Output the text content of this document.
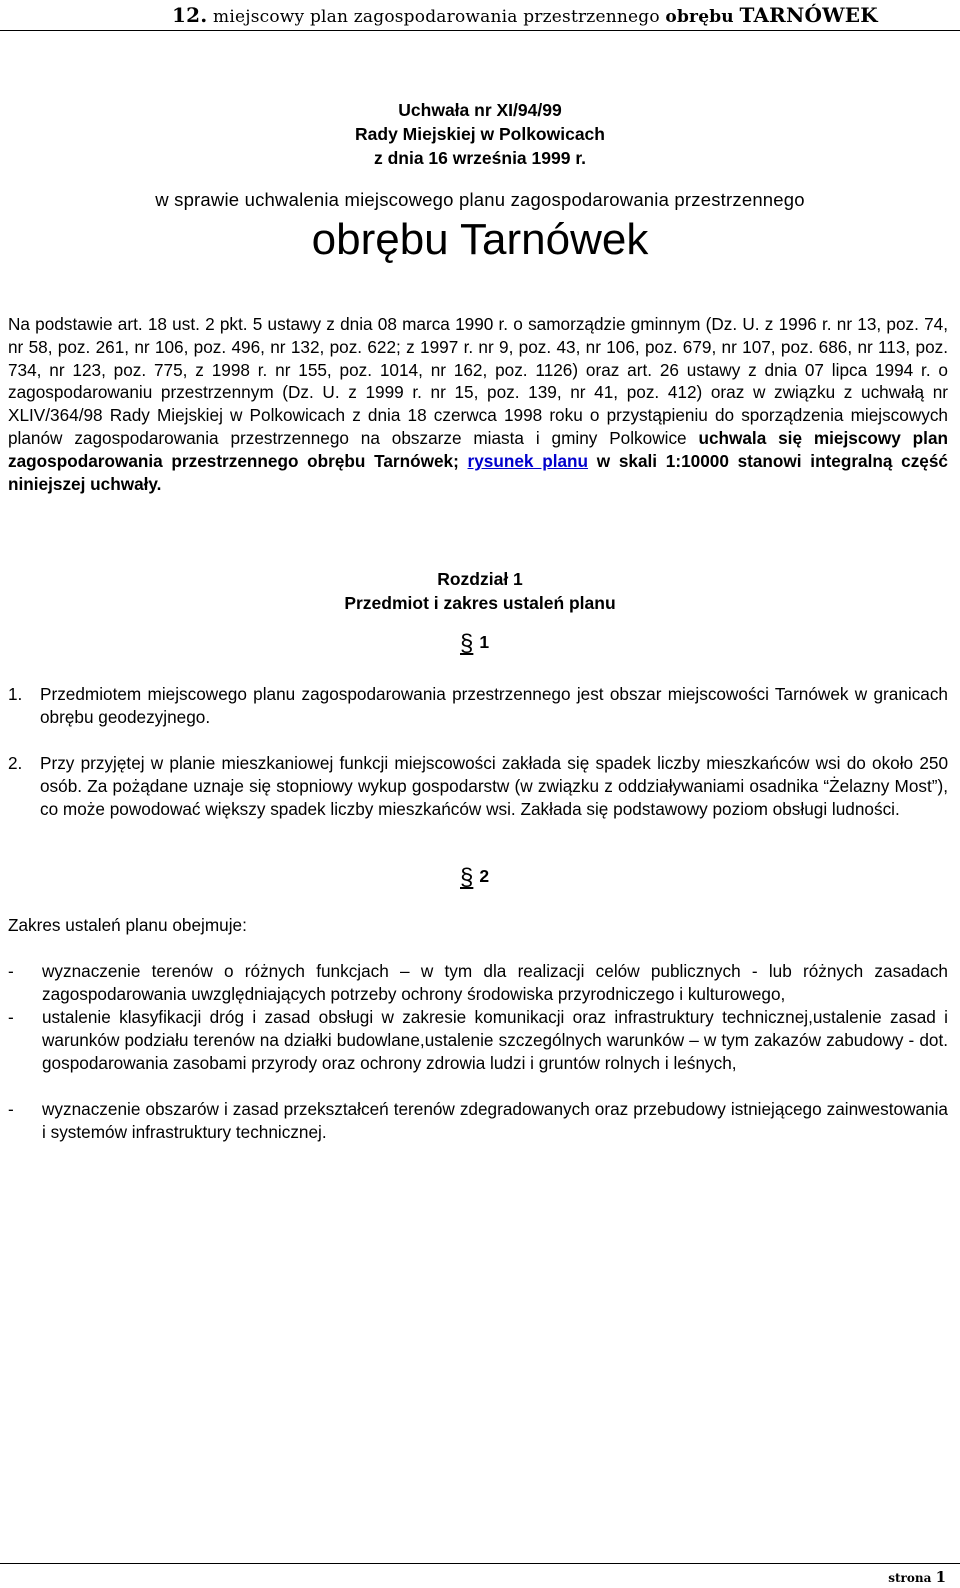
12. miejscowy plan zagospodarowania przestrzennego obrębu TARNÓWEK
Uchwała nr XI/94/99
Rady Miejskiej w Polkowicach
z dnia 16 września 1999 r.
w sprawie uchwalenia miejscowego planu zagospodarowania przestrzennego
obrębu Tarnówek
Na podstawie art. 18 ust. 2 pkt. 5 ustawy z dnia 08 marca 1990 r. o samorządzie gminnym (Dz. U. z 1996 r. nr 13, poz. 74, nr 58, poz. 261, nr 106, poz. 496, nr 132, poz. 622; z 1997 r. nr 9, poz. 43, nr 106, poz. 679, nr 107, poz. 686, nr 113, poz. 734, nr 123, poz. 775, z 1998 r. nr 155, poz. 1014, nr 162, poz. 1126) oraz art. 26 ustawy z dnia 07 lipca 1994 r. o zagospodarowaniu przestrzennym (Dz. U. z 1999 r. nr 15, poz. 139, nr 41, poz. 412) oraz w związku z uchwałą nr XLIV/364/98 Rady Miejskiej w Polkowicach z dnia 18 czerwca 1998 roku o przystąpieniu do sporządzenia miejscowych planów zagospodarowania przestrzennego na obszarze miasta i gminy Polkowice uchwala się miejscowy plan zagospodarowania przestrzennego obrębu Tarnówek; rysunek planu w skali 1:10000 stanowi integralną część niniejszej uchwały.
Rozdział 1
Przedmiot i zakres ustaleń planu
§ 1
1. Przedmiotem miejscowego planu zagospodarowania przestrzennego jest obszar miejscowości Tarnówek w granicach obrębu geodezyjnego.
2. Przy przyjętej w planie mieszkaniowej funkcji miejscowości zakłada się spadek liczby mieszkańców wsi do około 250 osób. Za pożądane uznaje się stopniowy wykup gospodarstw (w związku z oddziaływaniami osadnika “Żelazny Most”), co może powodować większy spadek liczby mieszkańców wsi. Zakłada się podstawowy poziom obsługi ludności.
§ 2
Zakres ustaleń planu obejmuje:
- wyznaczenie terenów o różnych funkcjach – w tym dla realizacji celów publicznych - lub różnych zasadach zagospodarowania uwzględniających potrzeby ochrony środowiska przyrodniczego i kulturowego,
- ustalenie klasyfikacji dróg i zasad obsługi w zakresie komunikacji oraz infrastruktury technicznej,ustalenie zasad i warunków podziału terenów na działki budowlane,ustalenie szczególnych warunków – w tym zakazów zabudowy - dot. gospodarowania zasobami przyrody oraz ochrony zdrowia ludzi i gruntów rolnych i leśnych,
- wyznaczenie obszarów i zasad przekształceń terenów zdegradowanych oraz przebudowy istniejącego zainwestowania i systemów infrastruktury technicznej.
strona 1
